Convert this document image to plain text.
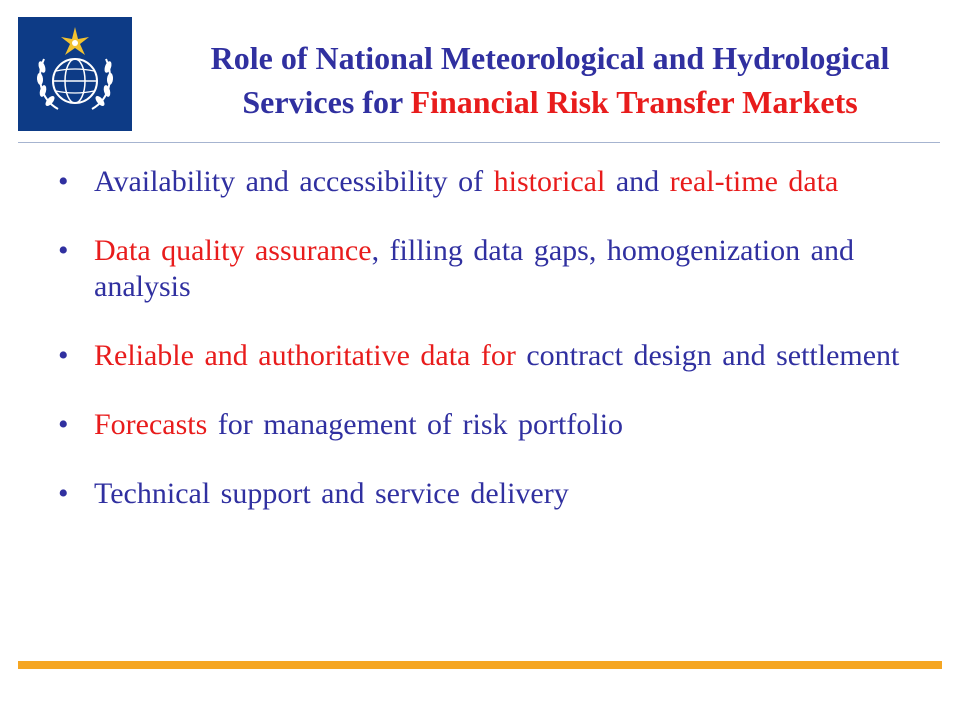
Role of National Meteorological and Hydrological
Services for Financial Risk Transfer Markets
• Availability and accessibility of historical and real-time data
• Data quality assurance, filling data gaps, homogenization and analysis
• Reliable and authoritative data for contract design and settlement
• Forecasts for management of risk portfolio
• Technical support and service delivery
